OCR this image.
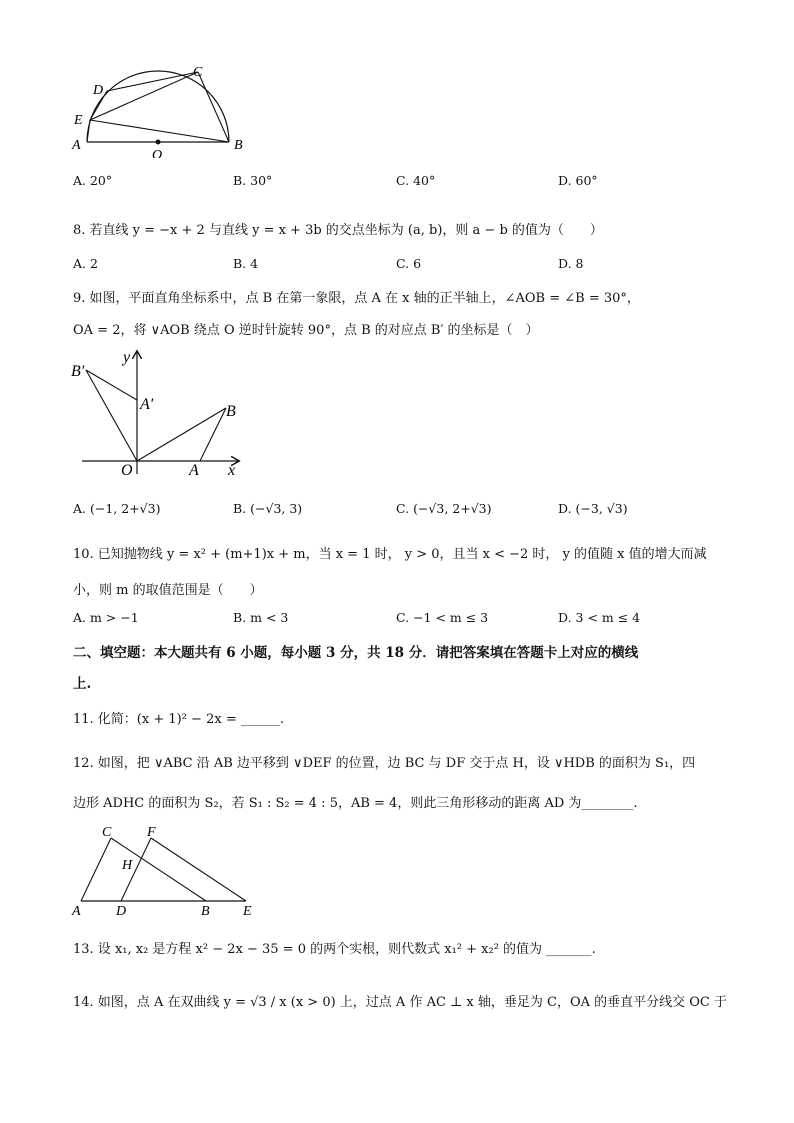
D
C
E
A
O
B
A. 20°	B. 30°	C. 40°	D. 60°
8. 若直线 y = −x + 2 与直线 y = x + 3b 的交点坐标为 (a, b)，则 a − b 的值为（　　）
A. 2	B. 4	C. 6	D. 8
9. 如图，平面直角坐标系中，点 B 在第一象限，点 A 在 x 轴的正半轴上，∠AOB = ∠B = 30°，
OA = 2，将 ∨AOB 绕点 O 逆时针旋转 90°，点 B 的对应点 B′ 的坐标是（　）
y
B′
A′	B
O	A x
A. (−1, 2+√3)	B. (−√3, 3)	C. (−√3, 2+√3)	D. (−3, √3)
10. 已知抛物线 y = x² + (m+1)x + m，当 x = 1 时， y > 0，且当 x < −2 时， y 的值随 x 值的增大而减
小，则 m 的取值范围是（　　）
A. m > −1	B. m < 3	C. −1 < m ≤ 3	D. 3 < m ≤ 4
二、填空题：本大题共有 6 小题，每小题 3 分，共 18 分．请把答案填在答题卡上对应的横线
上.
11. 化简：(x + 1)² − 2x = ______.
12. 如图，把 ∨ABC 沿 AB 边平移到 ∨DEF 的位置，边 BC 与 DF 交于点 H，设 ∨HDB 的面积为 S₁，四
边形 ADHC 的面积为 S₂，若 S₁ : S₂ = 4 : 5，AB = 4，则此三角形移动的距离 AD 为________.
C	F
H
A	D	B E
13. 设 x₁, x₂ 是方程 x² − 2x − 35 = 0 的两个实根，则代数式 x₁² + x₂² 的值为 _______.
14. 如图，点 A 在双曲线 y = √3 / x (x > 0) 上，过点 A 作 AC ⊥ x 轴，垂足为 C，OA 的垂直平分线交 OC 于
